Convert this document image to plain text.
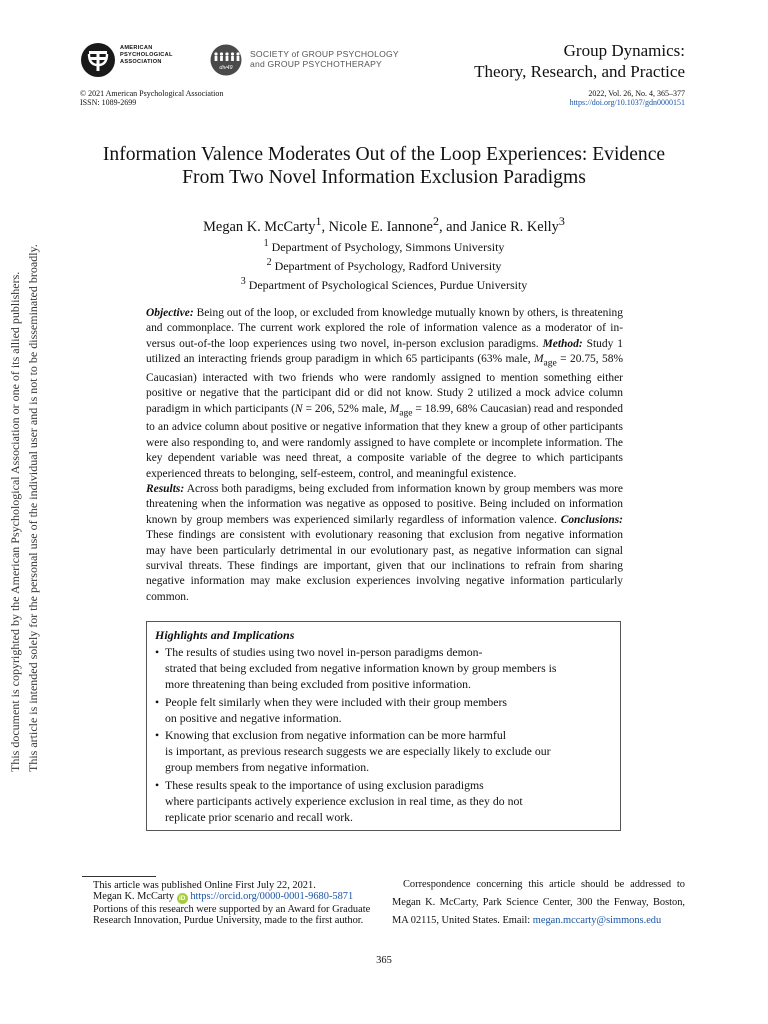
AMERICAN
PSYCHOLOGICAL
ASSOCIATION
div49
SOCIETY of GROUP PSYCHOLOGY
and GROUP PSYCHOTHERAPY
Group Dynamics:
Theory, Research, and Practice
© 2021 American Psychological Association
ISSN: 1089-2699
2022, Vol. 26, No. 4, 365–377
https://doi.org/10.1037/gdn0000151
Information Valence Moderates Out of the Loop Experiences: Evidence
From Two Novel Information Exclusion Paradigms
Megan K. McCarty$^1$, Nicole E. Iannone$^2$, and Janice R. Kelly$^3$
$^1$ Department of Psychology, Simmons University
$^2$ Department of Psychology, Radford University
$^3$ Department of Psychological Sciences, Purdue University
Objective: Being out of the loop, or excluded from knowledge mutually known by others, is threatening and commonplace. The current work explored the role of information valence as a moderator of in- versus out-of-the loop experiences using two novel, in-person exclusion paradigms. Method: Study 1 utilized an interacting friends group paradigm in which 65 participants (63% male, $M_{age} = 20.75$, 58% Caucasian) interacted with two friends who were randomly assigned to mention something either positive or negative that the participant did or did not know. Study 2 utilized a mock advice column paradigm in which participants (N = 206, 52% male, $M_{age} = 18.99$, 68% Caucasian) read and responded to an advice column about positive or negative information that they knew a group of other participants were also responding to, and were randomly assigned to have complete or incomplete information. The key dependent variable was need threat, a composite variable of the degree to which participants experienced threats to belonging, self-esteem, control, and meaningful existence.
Results: Across both paradigms, being excluded from information known by group members was more threatening when the information was negative as opposed to positive. Being included on information known by group members was experienced similarly regardless of information valence. Conclusions: These findings are consistent with evolutionary reasoning that exclusion from negative information may have been particularly detrimental in our evolutionary past, as negative information can signal survival threats. These findings are important, given that our inclinations to refrain from sharing negative information may make exclusion experiences involving negative information particularly common.
Highlights and Implications
• The results of studies using two novel in-person paradigms demon-
strated that being excluded from negative information known by group members is
more threatening than being excluded from positive information.
• People felt similarly when they were included with their group members
on positive and negative information.
• Knowing that exclusion from negative information can be more harmful
is important, as previous research suggests we are especially likely to exclude our
group members from negative information.
• These results speak to the importance of using exclusion paradigms
where participants actively experience exclusion in real time, as they do not
replicate prior scenario and recall work.
This document is copyrighted by the American Psychological Association or one of its allied publishers. This article is intended solely for the personal use of the individual user and is not to be disseminated broadly.
This article was published Online First July 22, 2021.
Megan K. McCarty iD https://orcid.org/0000-0001-9680-5871
Portions of this research were supported by an Award for Graduate Research Innovation, Purdue University, made to the first author.
Correspondence concerning this article should be addressed to Megan K. McCarty, Park Science Center, 300 the Fenway, Boston, MA 02115, United States. Email: megan.mccarty@simmons.edu
365
